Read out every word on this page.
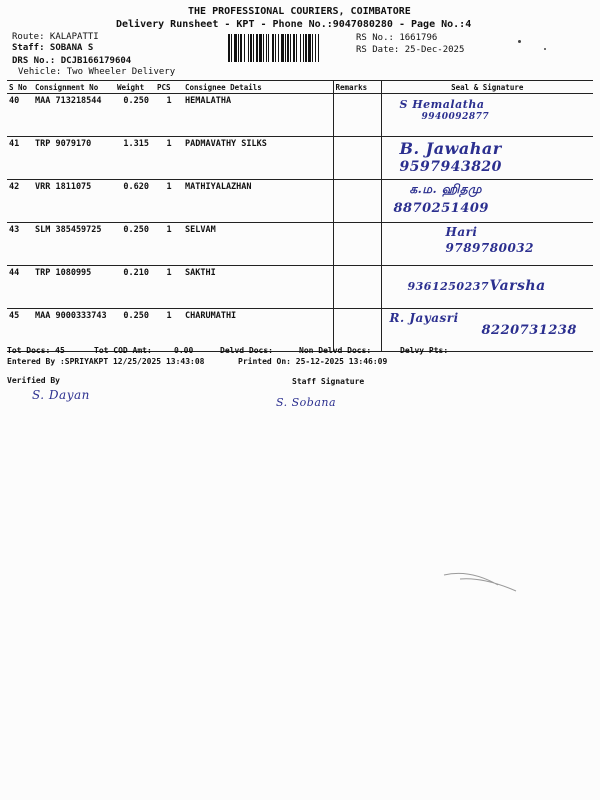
THE PROFESSIONAL COURIERS, COIMBATORE
Delivery Runsheet - KPT - Phone No.:9047080280 - Page No.:4
Route: KALAPATTI
Staff: SOBANA S
DRS No.: DCJB166179604
Vehicle: Two Wheeler Delivery
RS No.: 1661796
RS Date: 25-Dec-2025
S No	Consignment No	Weight	PCS	Consignee Details	Remarks	Seal & Signature
40	MAA 713218544	0.250	1	HEMALATHA		S Hemalatha
9940092877

41	TRP 9079170	1.315	1	PADMAVATHY SILKS		B. Jawahar
9597943820

42	VRR 1811075	0.620	1	MATHIYALAZHAN		க.ம. ஹிதமு
8870251409

43	SLM 385459725	0.250	1	SELVAM		Hari
9789780032

44	TRP 1080995	0.210	1	SAKTHI		9361250237 Varsha

45	MAA 9000333743	0.250	1	CHARUMATHI		R. Jayasri
8220731238
Tot Docs: 45	Tot COD Amt:	0.00	Delvd Docs:	Non Delvd Docs:	Delvy Pts:
Entered By :SPRIYAKPT 12/25/2025 13:43:08	Printed On: 25-12-2025 13:46:09
Verified By
S. Dayan
Staff Signature
S. Sobana
